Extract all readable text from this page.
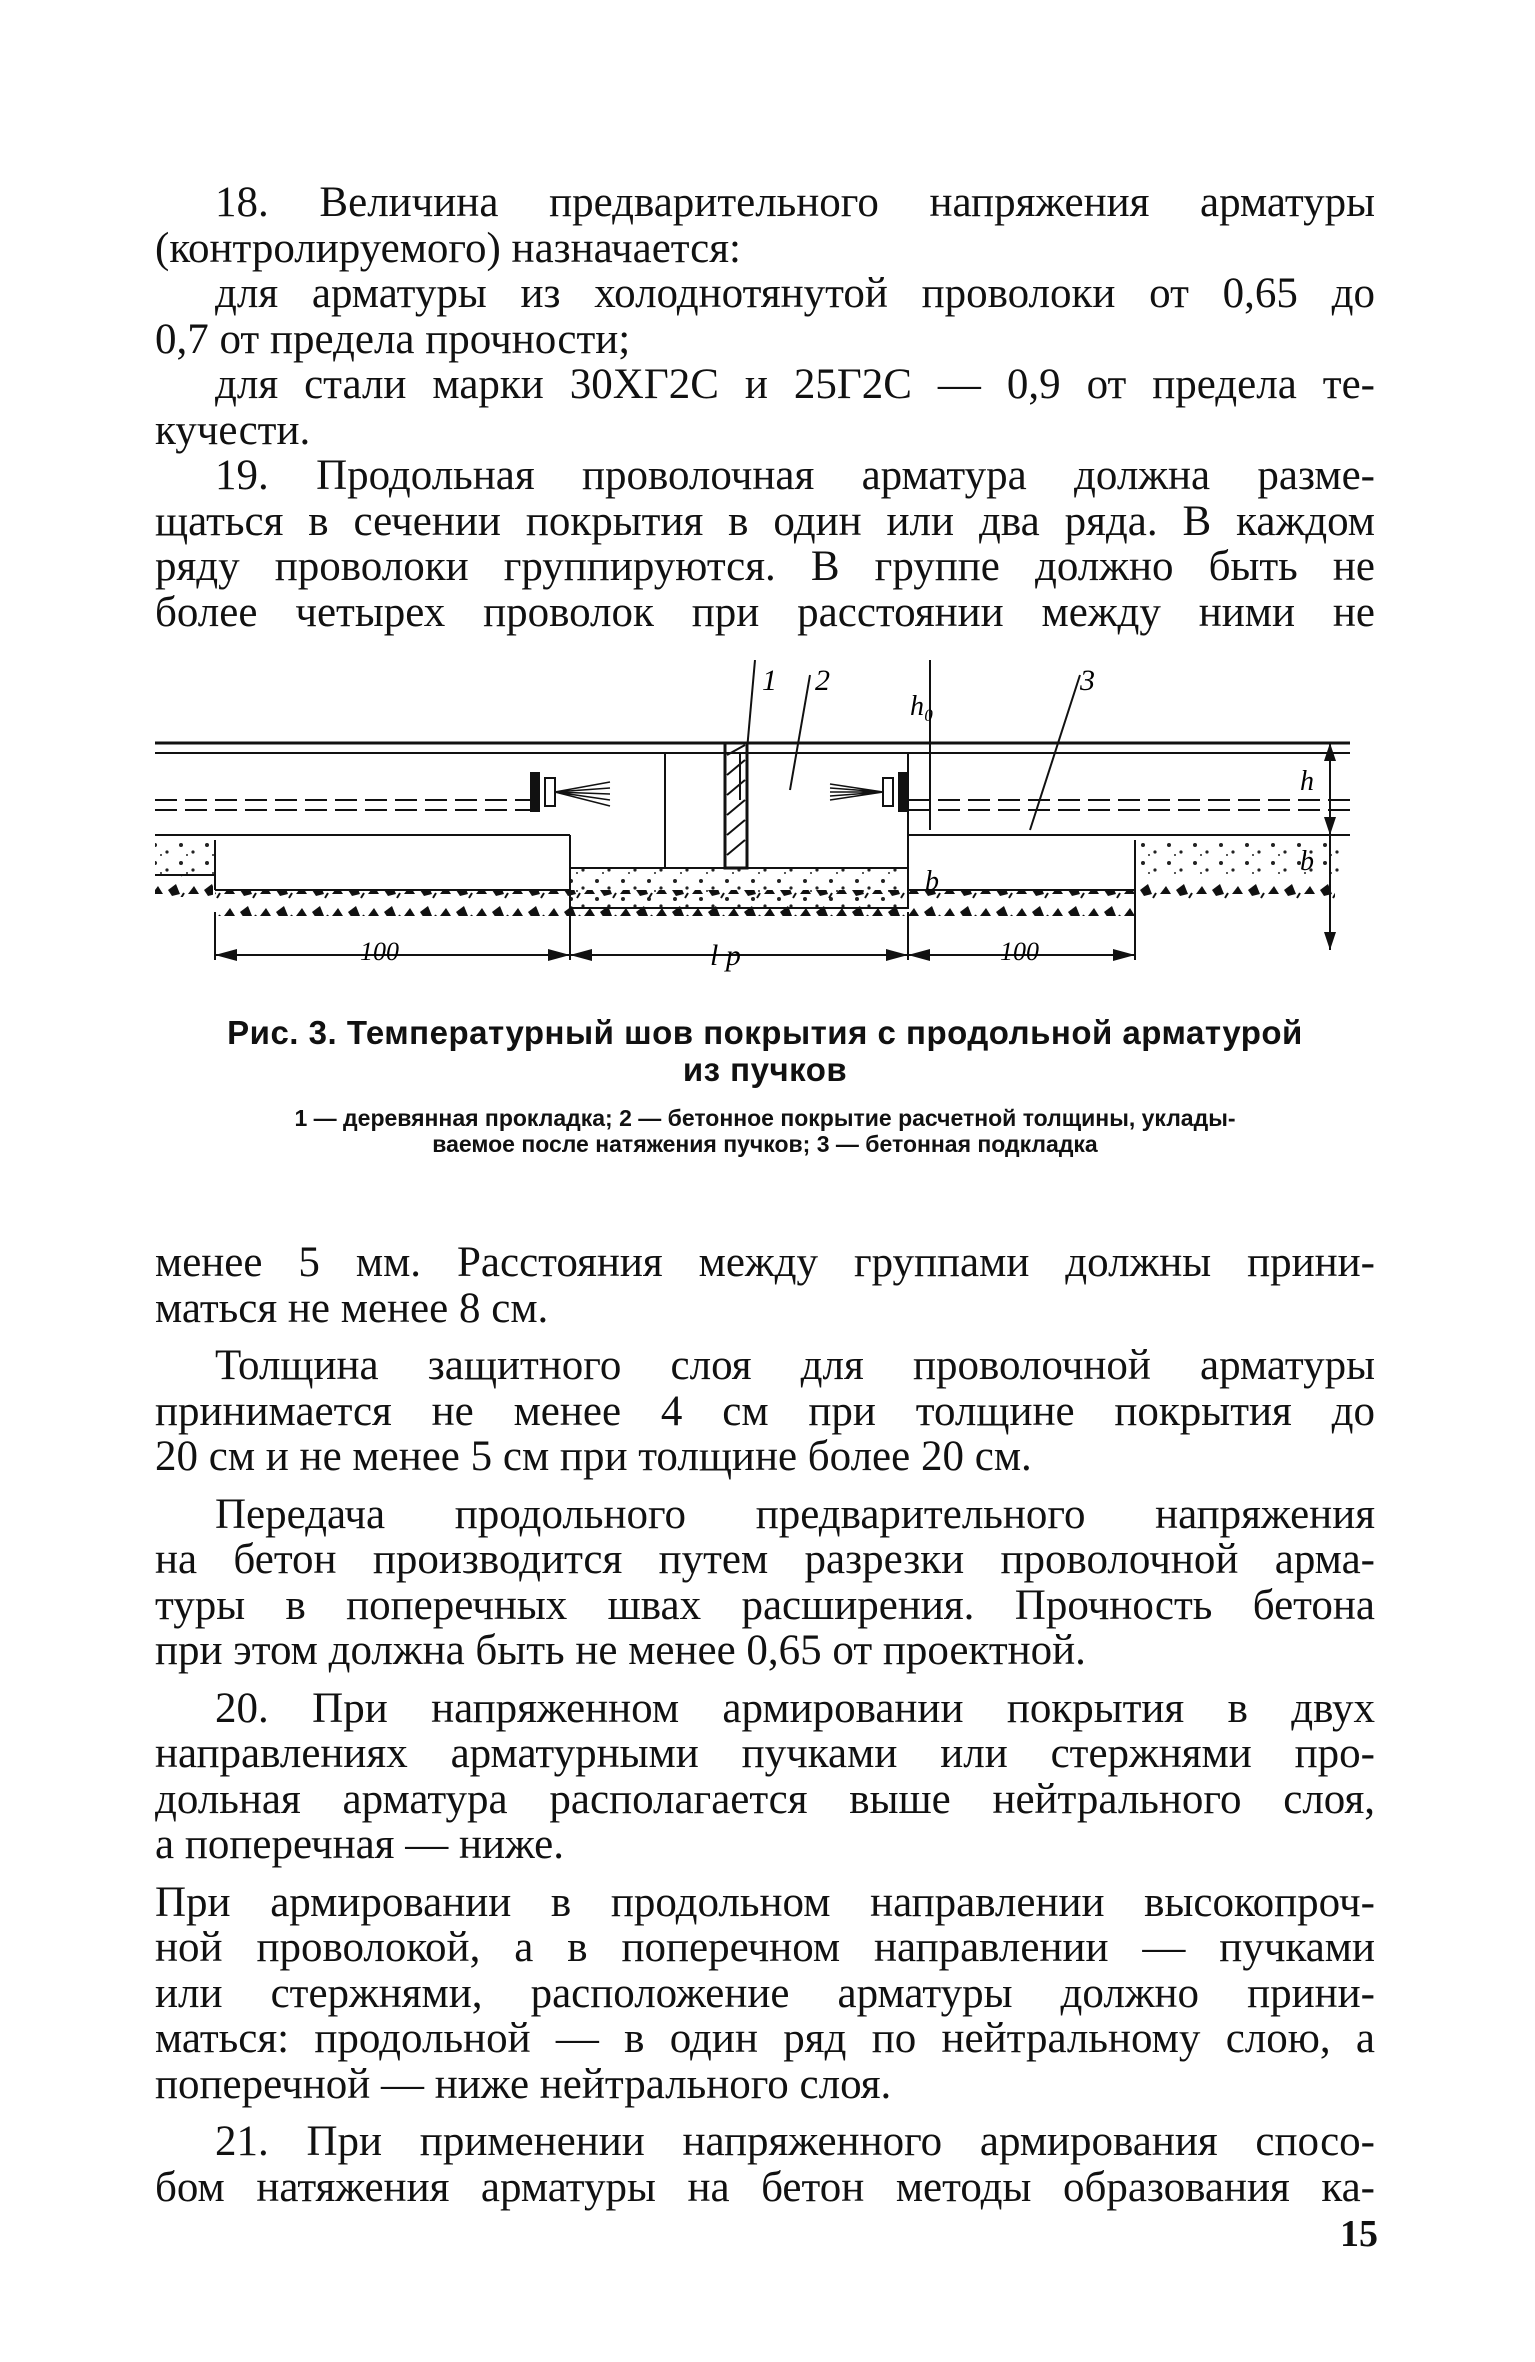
18. Величина предварительного напряжения арматуры
(контролируемого) назначается:
для арматуры из холоднотянутой проволоки от 0,65 до
0,7 от предела прочности;
для стали марки 30ХГ2С и 25Г2С — 0,9 от предела те-
кучести.
19. Продольная проволочная арматура должна разме-
щаться в сечении покрытия в один или два ряда. В каждом
ряду проволоки группируются. В группе должно быть не
более четырех проволок при расстоянии между ними не
1 2	3
h₀
h
b
b
100	l p	100
Рис. 3. Температурный шов покрытия с продольной арматурой
из пучков
1 — деревянная прокладка; 2 — бетонное покрытие расчетной толщины, уклады-
ваемое после натяжения пучков; 3 — бетонная подкладка
менее 5 мм. Расстояния между группами должны прини-
маться не менее 8 см.
Толщина защитного слоя для проволочной арматуры
принимается не менее 4 см при толщине покрытия до
20 см и не менее 5 см при толщине более 20 см.
Передача продольного предварительного напряжения
на бетон производится путем разрезки проволочной арма-
туры в поперечных швах расширения. Прочность бетона
при этом должна быть не менее 0,65 от проектной.
20. При напряженном армировании покрытия в двух
направлениях арматурными пучками или стержнями про-
дольная арматура располагается выше нейтрального слоя,
а поперечная — ниже.
При армировании в продольном направлении высокопроч-
ной проволокой, а в поперечном направлении — пучками
или стержнями, расположение арматуры должно прини-
маться: продольной — в один ряд по нейтральному слою, а
поперечной — ниже нейтрального слоя.
21. При применении напряженного армирования спосо-
бом натяжения арматуры на бетон методы образования ка-
15
